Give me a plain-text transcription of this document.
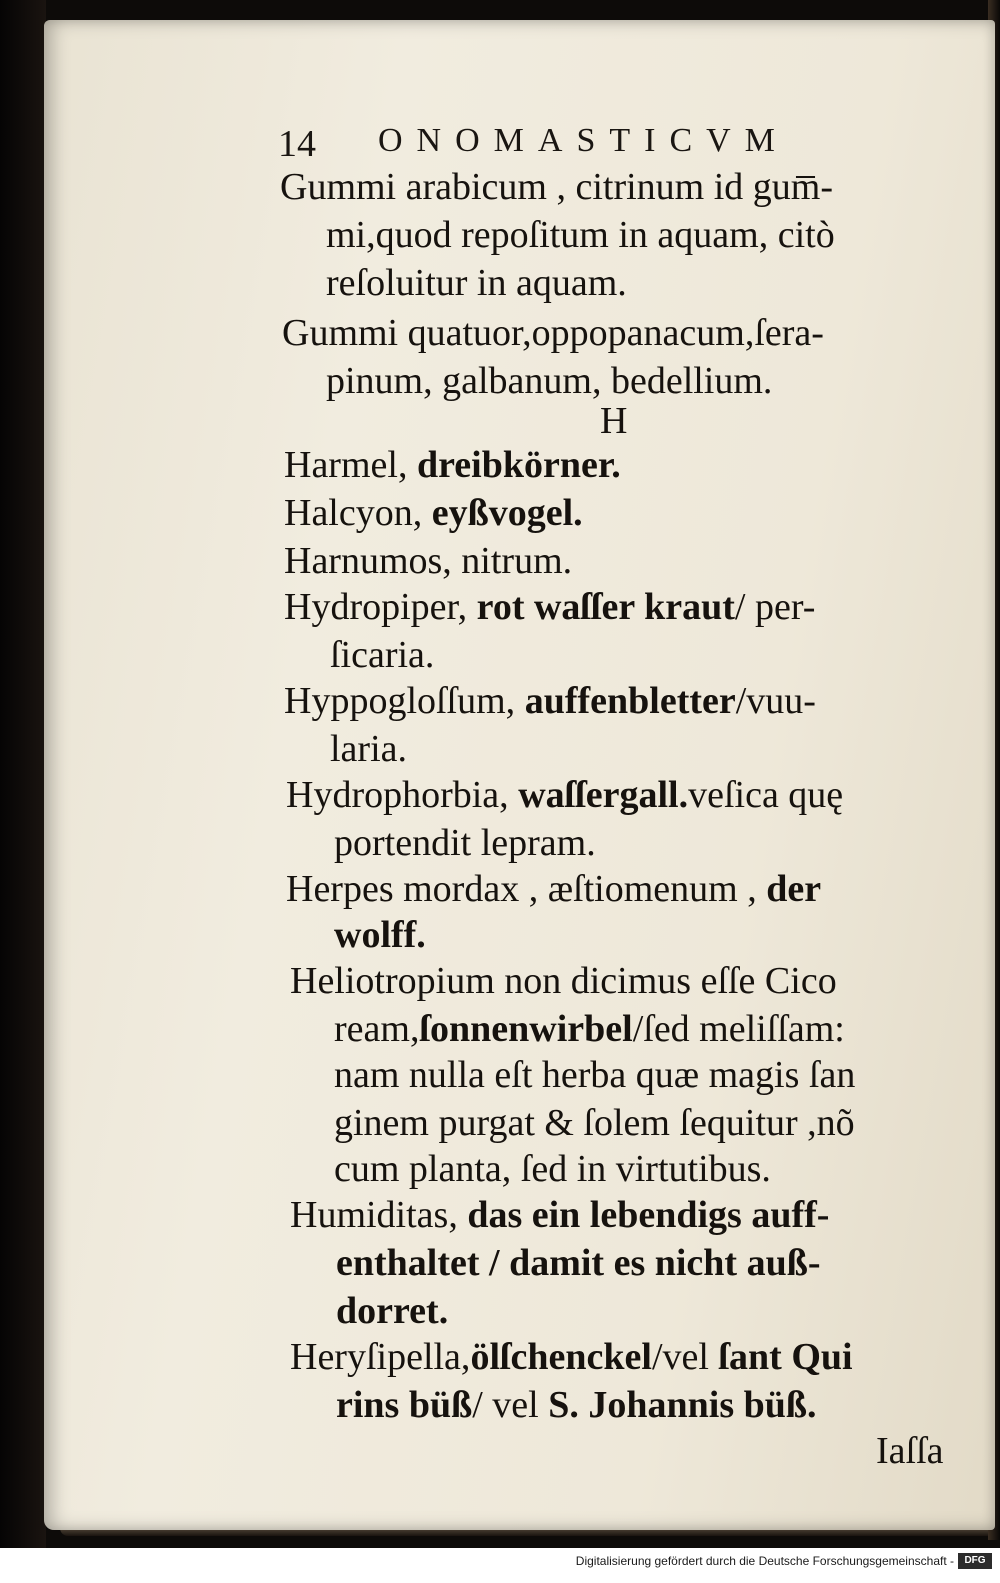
14 ONOMASTICVM
Gummi arabicum , citrinum id gum̅-
mi,quod repoſitum in aquam, citò
reſoluitur in aquam.
Gummi quatuor,oppopanacum,ſera-
pinum, galbanum, bedellium.
H
Harmel, dreibkörner.
Halcyon, eyßvogel.
Harnumos, nitrum.
Hydropiper, rot waſſer kraut/ per-
ſicaria.
Hyppogloſſum, auffenbletter/vuu-
laria.
Hydrophorbia, waſſergall.veſica quę
portendit lepram.
Herpes mordax , æſtiomenum , der
wolff.
Heliotropium non dicimus eſſe Cico
ream,ſonnenwirbel/ſed meliſſam:
nam nulla eſt herba quæ magis ſan
ginem purgat & ſolem ſequitur ,nõ
cum planta, ſed in virtutibus.
Humiditas, das ein lebendigs auff-
enthaltet / damit es nicht auß-
dorret.
Heryſipella,ölſchenckel/vel ſant Qui
rins büß/ vel S. Johannis büß.
Iaſſa
Digitalisierung gefördert durch die Deutsche Forschungsgemeinschaft -	DFG
